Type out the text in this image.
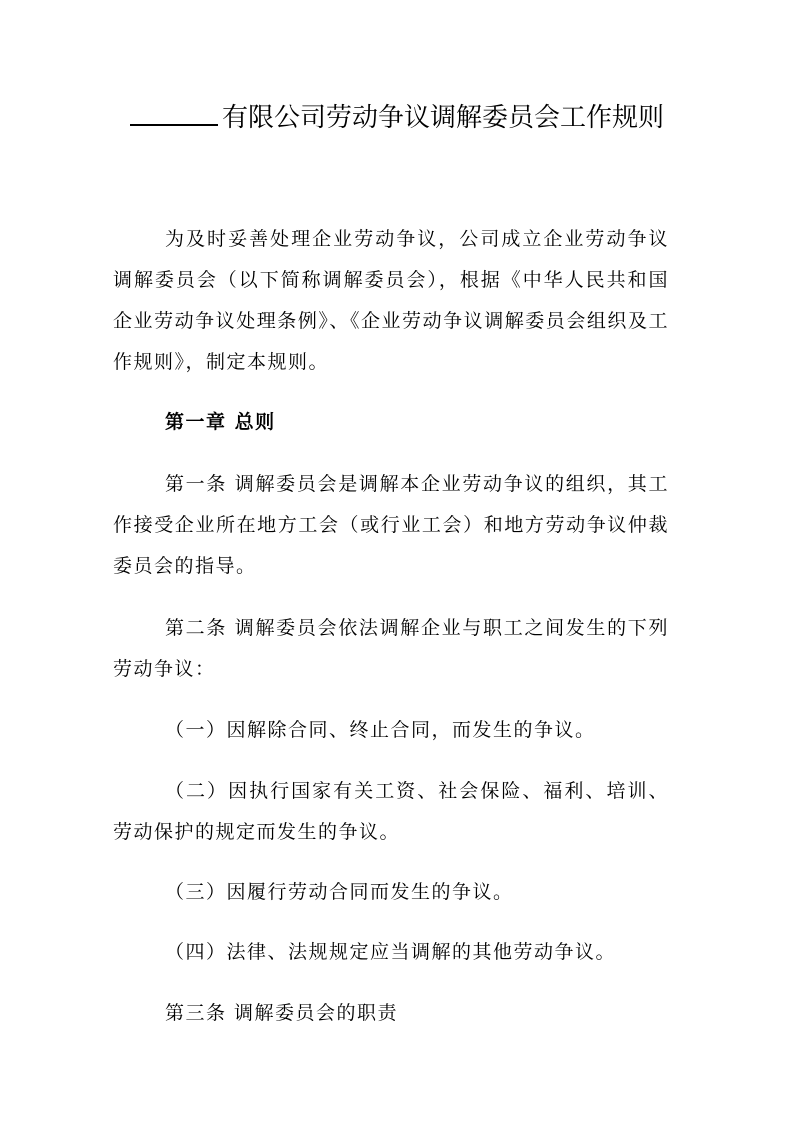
有限公司劳动争议调解委员会工作规则

为及时妥善处理企业劳动争议，公司成立企业劳动争议调解委员会（以下简称调解委员会），根据《中华人民共和国企业劳动争议处理条例》、《企业劳动争议调解委员会组织及工作规则》，制定本规则。

第一章 总则

第一条 调解委员会是调解本企业劳动争议的组织，其工作接受企业所在地方工会（或行业工会）和地方劳动争议仲裁委员会的指导。

第二条 调解委员会依法调解企业与职工之间发生的下列劳动争议：

（一）因解除合同、终止合同，而发生的争议。

（二）因执行国家有关工资、社会保险、福利、培训、劳动保护的规定而发生的争议。

（三）因履行劳动合同而发生的争议。

（四）法律、法规规定应当调解的其他劳动争议。

第三条 调解委员会的职责
